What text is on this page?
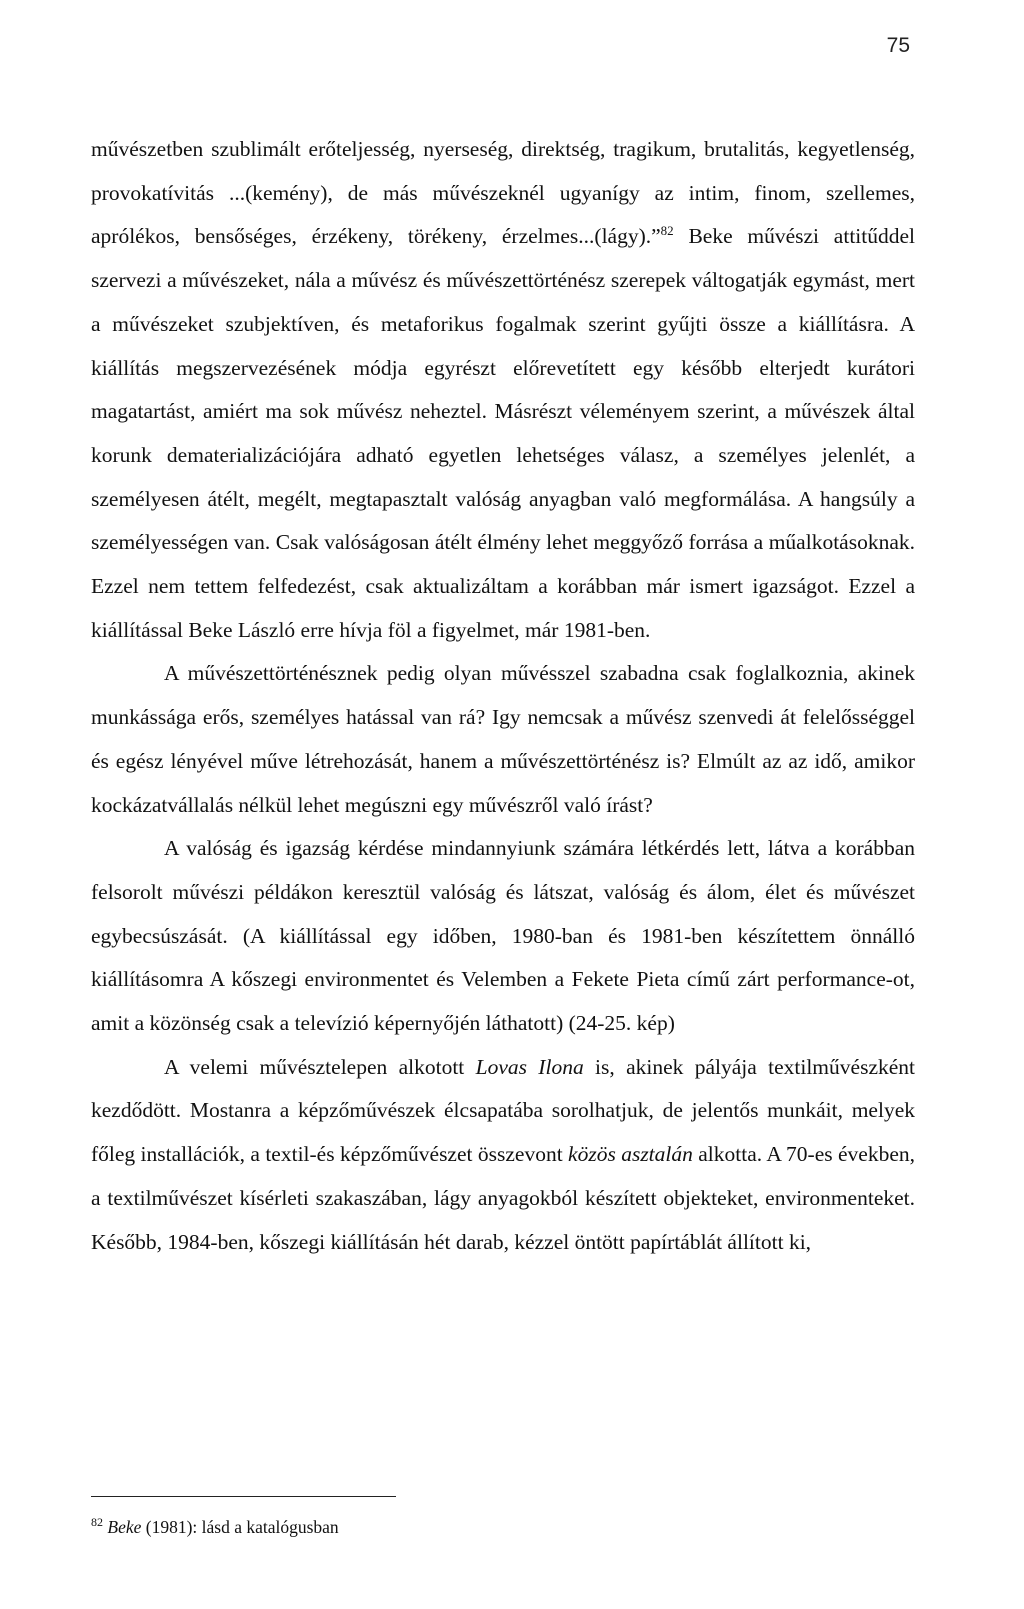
75

művészetben szublimált erőteljesség, nyerseség, direktség, tragikum, brutalitás, kegyetlenség, provokatívitás ...(kemény), de más művészeknél ugyanígy az intim, finom, szellemes, aprólékos, bensőséges, érzékeny, törékeny, érzelmes...(lágy).”$^{82}$ Beke művészi attitűddel szervezi a művészeket, nála a művész és művészettörténész szerepek váltogatják egymást, mert a művészeket szubjektíven, és metaforikus fogalmak szerint gyűjti össze a kiállításra. A kiállítás megszervezésének módja egyrészt előrevetített egy később elterjedt kurátori magatartást, amiért ma sok művész neheztel. Másrészt véleményem szerint, a művészek által korunk dematerializációjára adható egyetlen lehetséges válasz, a személyes jelenlét, a személyesen átélt, megélt, megtapasztalt valóság anyagban való megformálása. A hangsúly a személyességen van. Csak valóságosan átélt élmény lehet meggyőző forrása a műalkotásoknak. Ezzel nem tettem felfedezést, csak aktualizáltam a korábban már ismert igazságot. Ezzel a kiállítással Beke László erre hívja föl a figyelmet, már 1981-ben.

A művészettörténésznek pedig olyan művésszel szabadna csak foglalkoznia, akinek munkássága erős, személyes hatással van rá? Igy nemcsak a művész szenvedi át felelősséggel és egész lényével műve létrehozását, hanem a művészettörténész is? Elmúlt az az idő, amikor kockázatvállalás nélkül lehet megúszni egy művészről való írást?

A valóság és igazság kérdése mindannyiunk számára létkérdés lett, látva a korábban felsorolt művészi példákon keresztül valóság és látszat, valóság és álom, élet és művészet egybecsúszását. (A kiállítással egy időben, 1980-ban és 1981-ben készítettem önnálló kiállításomra A kőszegi environmentet és Velemben a Fekete Pieta című zárt performance-ot, amit a közönség csak a televízió képernyőjén láthatott) (24-25. kép)

A velemi művésztelepen alkotott Lovas Ilona is, akinek pályája textilművészként kezdődött. Mostanra a képzőművészek élcsapatába sorolhatjuk, de jelentős munkáit, melyek főleg installációk, a textil-és képzőművészet összevont közös asztalán alkotta. A 70-es években, a textilművészet kísérleti szakaszában, lágy anyagokból készített objekteket, environmenteket. Később, 1984-ben, kőszegi kiállításán hét darab, kézzel öntött papírtáblát állított ki,

$^{82}$ Beke (1981): lásd a katalógusban
